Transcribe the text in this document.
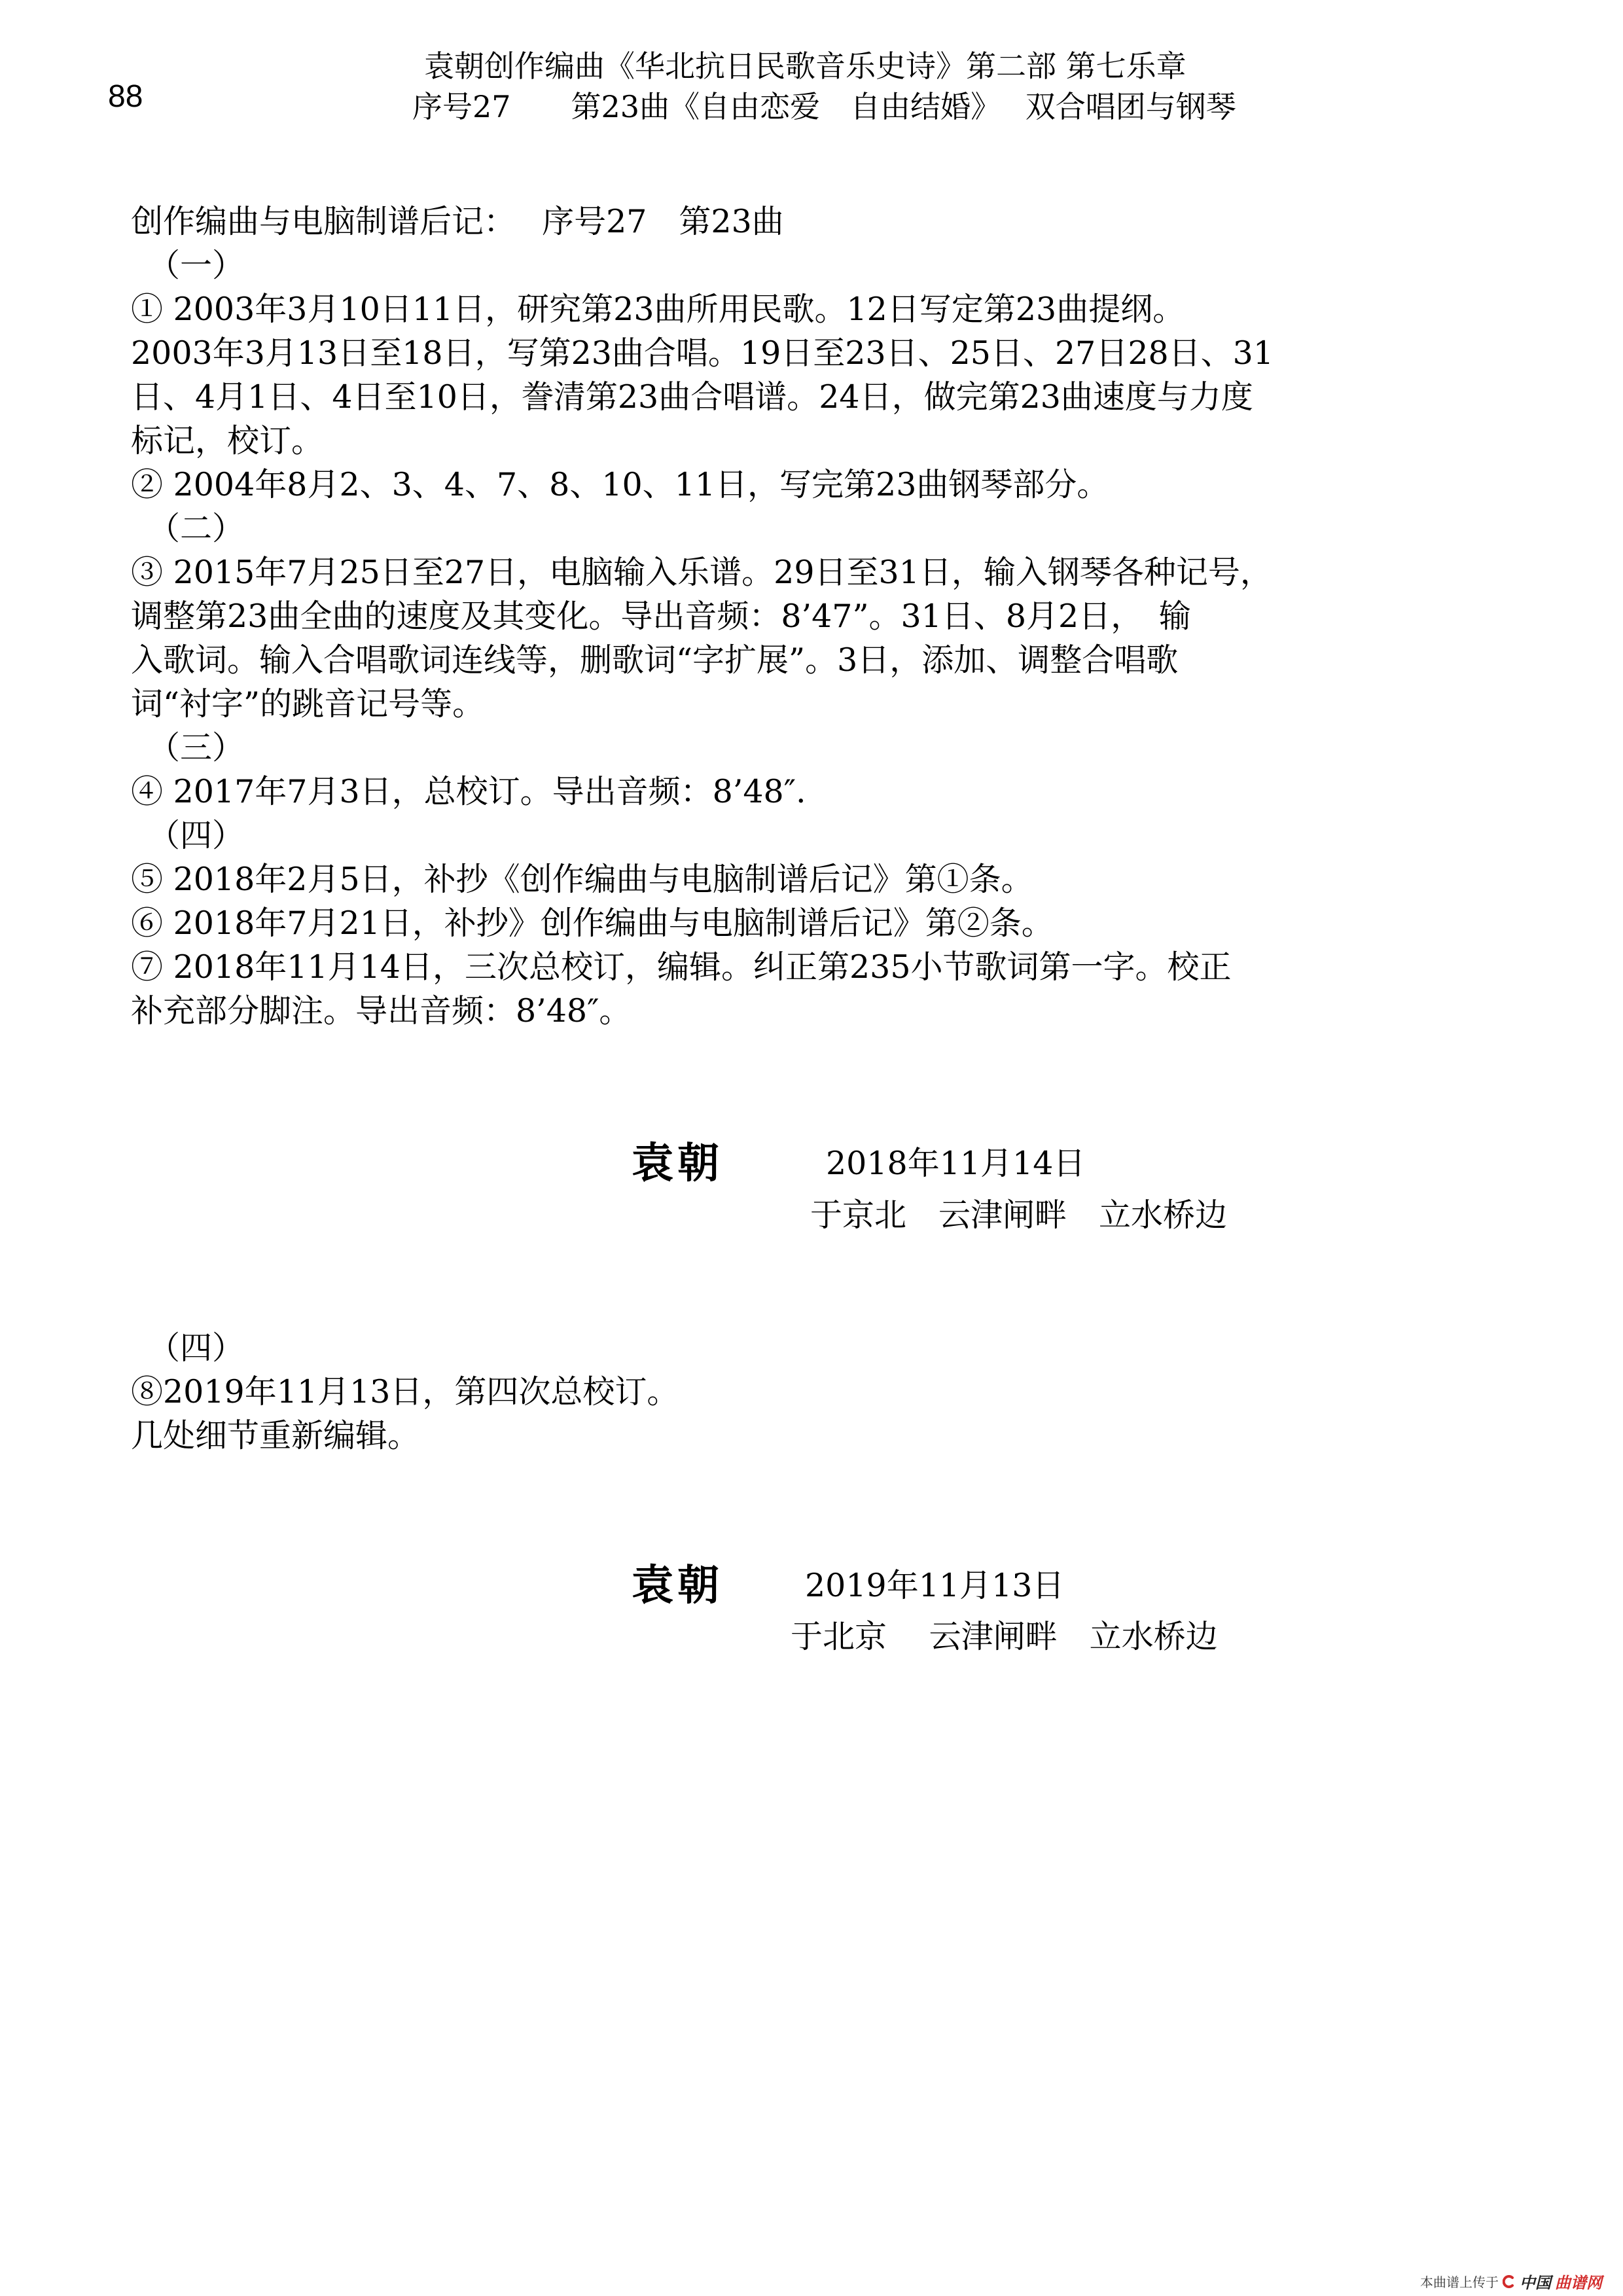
88
袁朝创作编曲《华北抗日民歌音乐史诗》第二部 第七乐章
序号27　　第23曲《自由恋爱　自由结婚》　 双合唱团与钢琴
创作编曲与电脑制谱后记：　 序号27　第23曲
（一）
① 2003年3月10日11日，研究第23曲所用民歌。12日写定第23曲提纲。
2003年3月13日至18日，写第23曲合唱。19日至23日、25日、27日28日、31
日、4月1日、4日至10日，誊清第23曲合唱谱。24日，做完第23曲速度与力度
标记，校订。
② 2004年8月2、3、4、7、8、10、11日，写完第23曲钢琴部分。
（二）
③ 2015年7月25日至27日，电脑输入乐谱。29日至31日，输入钢琴各种记号，
调整第23曲全曲的速度及其变化。导出音频：8’47”。31日、8月2日，　输
入歌词。输入合唱歌词连线等，删歌词“字扩展”。3日，添加、调整合唱歌
词“衬字”的跳音记号等。
（三）
④ 2017年7月3日，总校订。导出音频：8’48″.
（四）
⑤ 2018年2月5日，补抄《创作编曲与电脑制谱后记》第①条。
⑥ 2018年7月21日，补抄》创作编曲与电脑制谱后记》第②条。
⑦ 2018年11月14日，三次总校订，编辑。纠正第235小节歌词第一字。校正
补充部分脚注。导出音频：8’48″。
袁朝	2018年11月14日
于京北　云津闸畔　立水桥边
（四）
⑧2019年11月13日，第四次总校订。
几处细节重新编辑。
袁朝	2019年11月13日
于北京　 云津闸畔　立水桥边
本曲谱上传于 中国 曲谱网
